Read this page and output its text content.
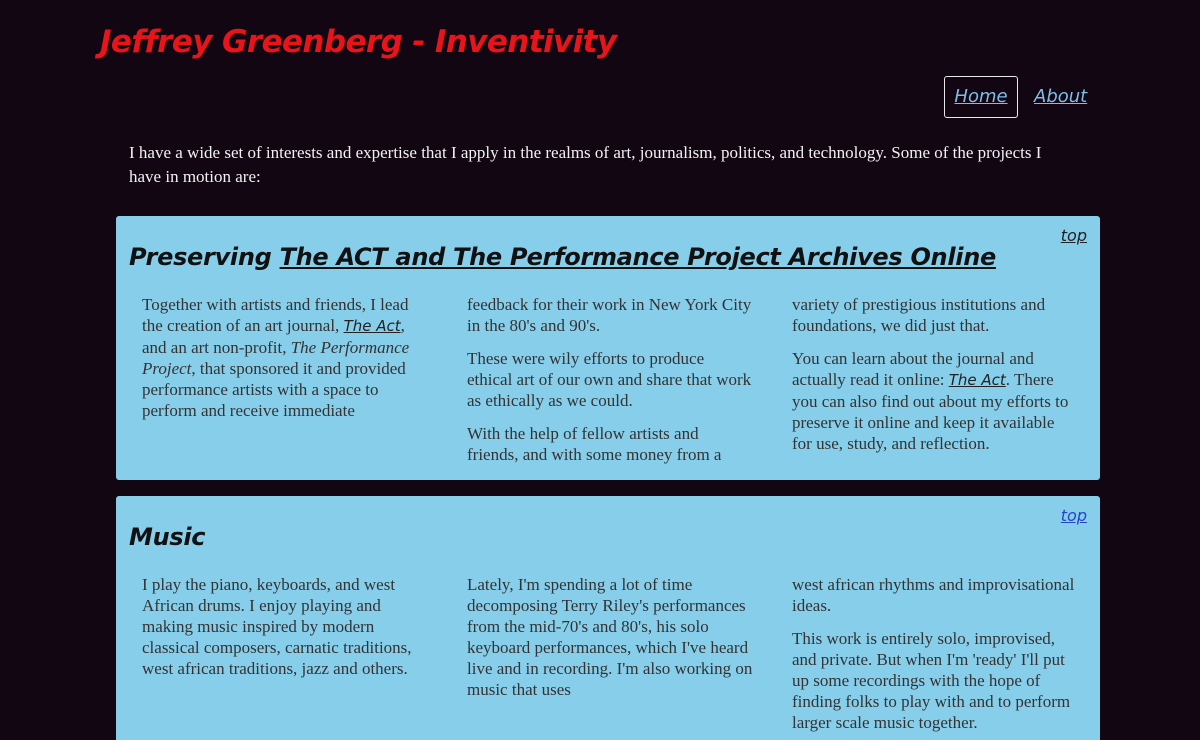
Jeffrey Greenberg - Inventivity
Home	About

I have a wide set of interests and expertise that I apply in the realms of art, journalism, politics, and technology. Some of the projects I have in motion are:

top
Preserving The ACT and The Performance Project Archives Online

Together with artists and friends, I lead the creation of an art journal, The Act, and an art non-profit, The Performance Project, that sponsored it and provided performance artists with a space to perform and receive immediate

feedback for their work in New York City in the 80's and 90's.

These were wily efforts to produce ethical art of our own and share that work as ethically as we could.

With the help of fellow artists and friends, and with some money from a

variety of prestigious institutions and foundations, we did just that.

You can learn about the journal and actually read it online: The Act. There you can also find out about my efforts to preserve it online and keep it available for use, study, and reflection.

top
Music

I play the piano, keyboards, and west African drums. I enjoy playing and making music inspired by modern classical composers, carnatic traditions, west african traditions, jazz and others.

Lately, I'm spending a lot of time decomposing Terry Riley's performances from the mid-70's and 80's, his solo keyboard performances, which I've heard live and in recording. I'm also working on music that uses

west african rhythms and improvisational ideas.

This work is entirely solo, improvised, and private. But when I'm 'ready' I'll put up some recordings with the hope of finding folks to play with and to perform larger scale music together.
